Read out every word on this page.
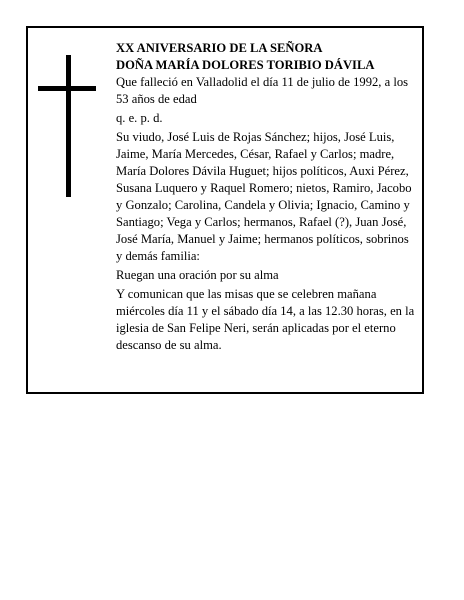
XX ANIVERSARIO DE LA SEÑORA

DOÑA MARÍA DOLORES TORIBIO DÁVILA

Que falleció en Valladolid el día 11 de julio de 1992, a los 53 años de edad

q. e. p. d.

Su viudo, José Luis de Rojas Sánchez; hijos, José Luis, Jaime, María Mercedes, César, Rafael y Carlos; madre, María Dolores Dávila Huguet; hijos políticos, Auxi Pérez, Susana Luquero y Raquel Romero; nietos, Ramiro, Jacobo y Gonzalo; Carolina, Candela y Olivia; Ignacio, Camino y Santiago; Vega y Carlos; hermanos, Rafael (?), Juan José, José María, Manuel y Jaime; hermanos políticos, sobrinos y demás familia:

Ruegan una oración por su alma

Y comunican que las misas que se celebren mañana miércoles día 11 y el sábado día 14, a las 12.30 horas, en la iglesia de San Felipe Neri, serán aplicadas por el eterno descanso de su alma.
